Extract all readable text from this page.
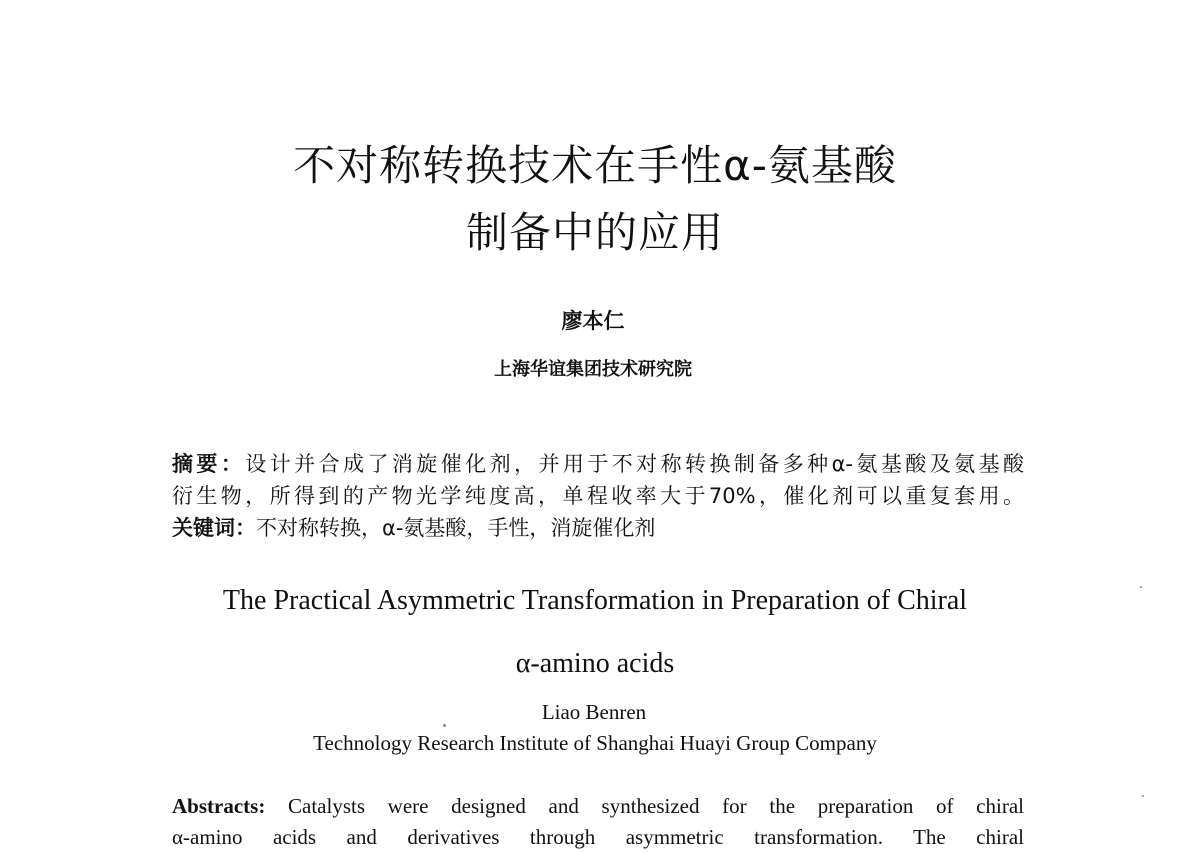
不对称转换技术在手性α-氨基酸
制备中的应用
廖本仁
上海华谊集团技术研究院
摘要：设计并合成了消旋催化剂，并用于不对称转换制备多种α-氨基酸及氨基酸
衍生物，所得到的产物光学纯度高，单程收率大于70%，催化剂可以重复套用。
关键词：不对称转换，α-氨基酸，手性，消旋催化剂
The Practical Asymmetric Transformation in Preparation of Chiral
α-amino acids
Liao Benren
Technology Research Institute of Shanghai Huayi Group Company
Abstracts: Catalysts were designed and synthesized for the preparation of chiral
α-amino acids and derivatives through asymmetric transformation. The chiral
